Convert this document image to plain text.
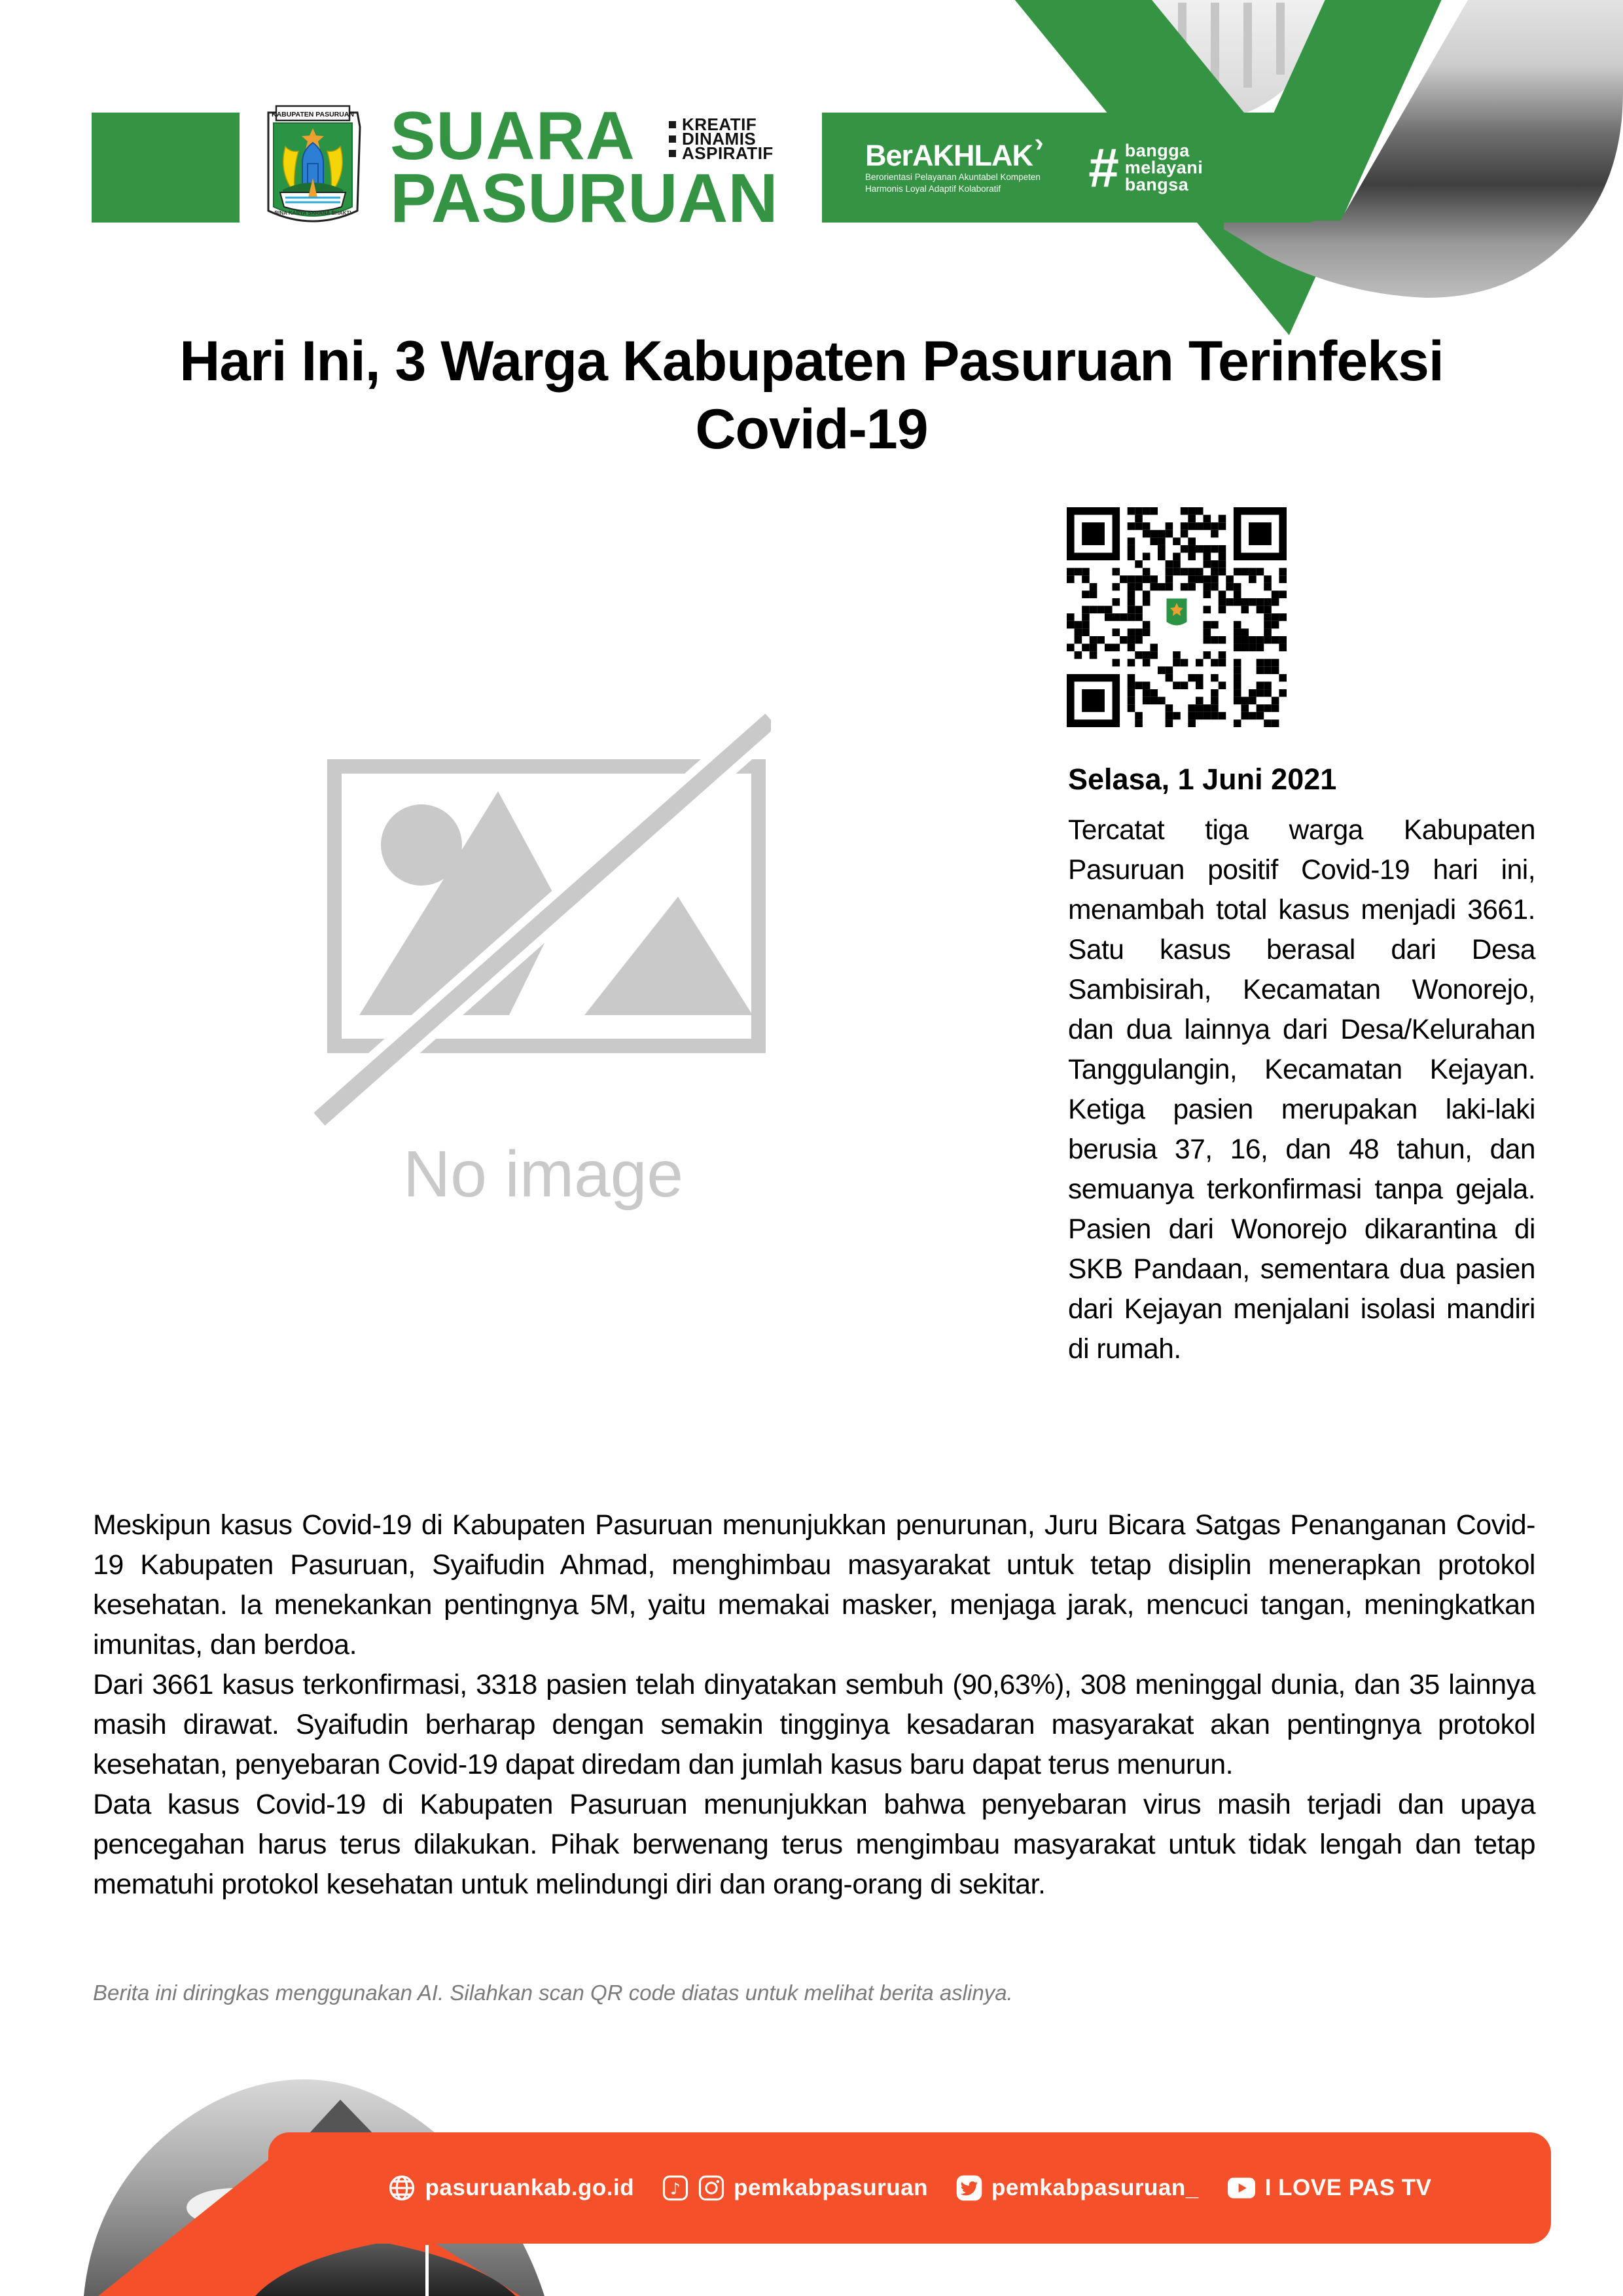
KABUPATEN PASURUAN
BINA KARYA SARANA BHAKTI
SUARA
PASURUAN
KREATIF
DINAMIS
ASPIRATIF	BerAKHLAK ›
Berorientasi Pelayanan Akuntabel Kompeten
Harmonis Loyal Adaptif Kolaboratif	# bangga
melayani
bangsa
Hari Ini, 3 Warga Kabupaten Pasuruan Terinfeksi Covid-19
No image
Selasa, 1 Juni 2021
Tercatat tiga warga Kabupaten Pasuruan positif Covid-19 hari ini, menambah total kasus menjadi 3661. Satu kasus berasal dari Desa Sambisirah, Kecamatan Wonorejo, dan dua lainnya dari Desa/Kelurahan Tanggulangin, Kecamatan Kejayan. Ketiga pasien merupakan laki-laki berusia 37, 16, dan 48 tahun, dan semuanya terkonfirmasi tanpa gejala. Pasien dari Wonorejo dikarantina di SKB Pandaan, sementara dua pasien dari Kejayan menjalani isolasi mandiri di rumah.

Meskipun kasus Covid-19 di Kabupaten Pasuruan menunjukkan penurunan, Juru Bicara Satgas Penanganan Covid-19 Kabupaten Pasuruan, Syaifudin Ahmad, menghimbau masyarakat untuk tetap disiplin menerapkan protokol kesehatan. Ia menekankan pentingnya 5M, yaitu memakai masker, menjaga jarak, mencuci tangan, meningkatkan imunitas, dan berdoa.

Dari 3661 kasus terkonfirmasi, 3318 pasien telah dinyatakan sembuh (90,63%), 308 meninggal dunia, dan 35 lainnya masih dirawat. Syaifudin berharap dengan semakin tingginya kesadaran masyarakat akan pentingnya protokol kesehatan, penyebaran Covid-19 dapat diredam dan jumlah kasus baru dapat terus menurun.

Data kasus Covid-19 di Kabupaten Pasuruan menunjukkan bahwa penyebaran virus masih terjadi dan upaya pencegahan harus terus dilakukan. Pihak berwenang terus mengimbau masyarakat untuk tidak lengah dan tetap mematuhi protokol kesehatan untuk melindungi diri dan orang-orang di sekitar.

Berita ini diringkas menggunakan AI. Silahkan scan QR code diatas untuk melihat berita aslinya.
pasuruankab.go.id	♪ pemkabpasuruan	pemkabpasuruan_	I LOVE PAS TV
